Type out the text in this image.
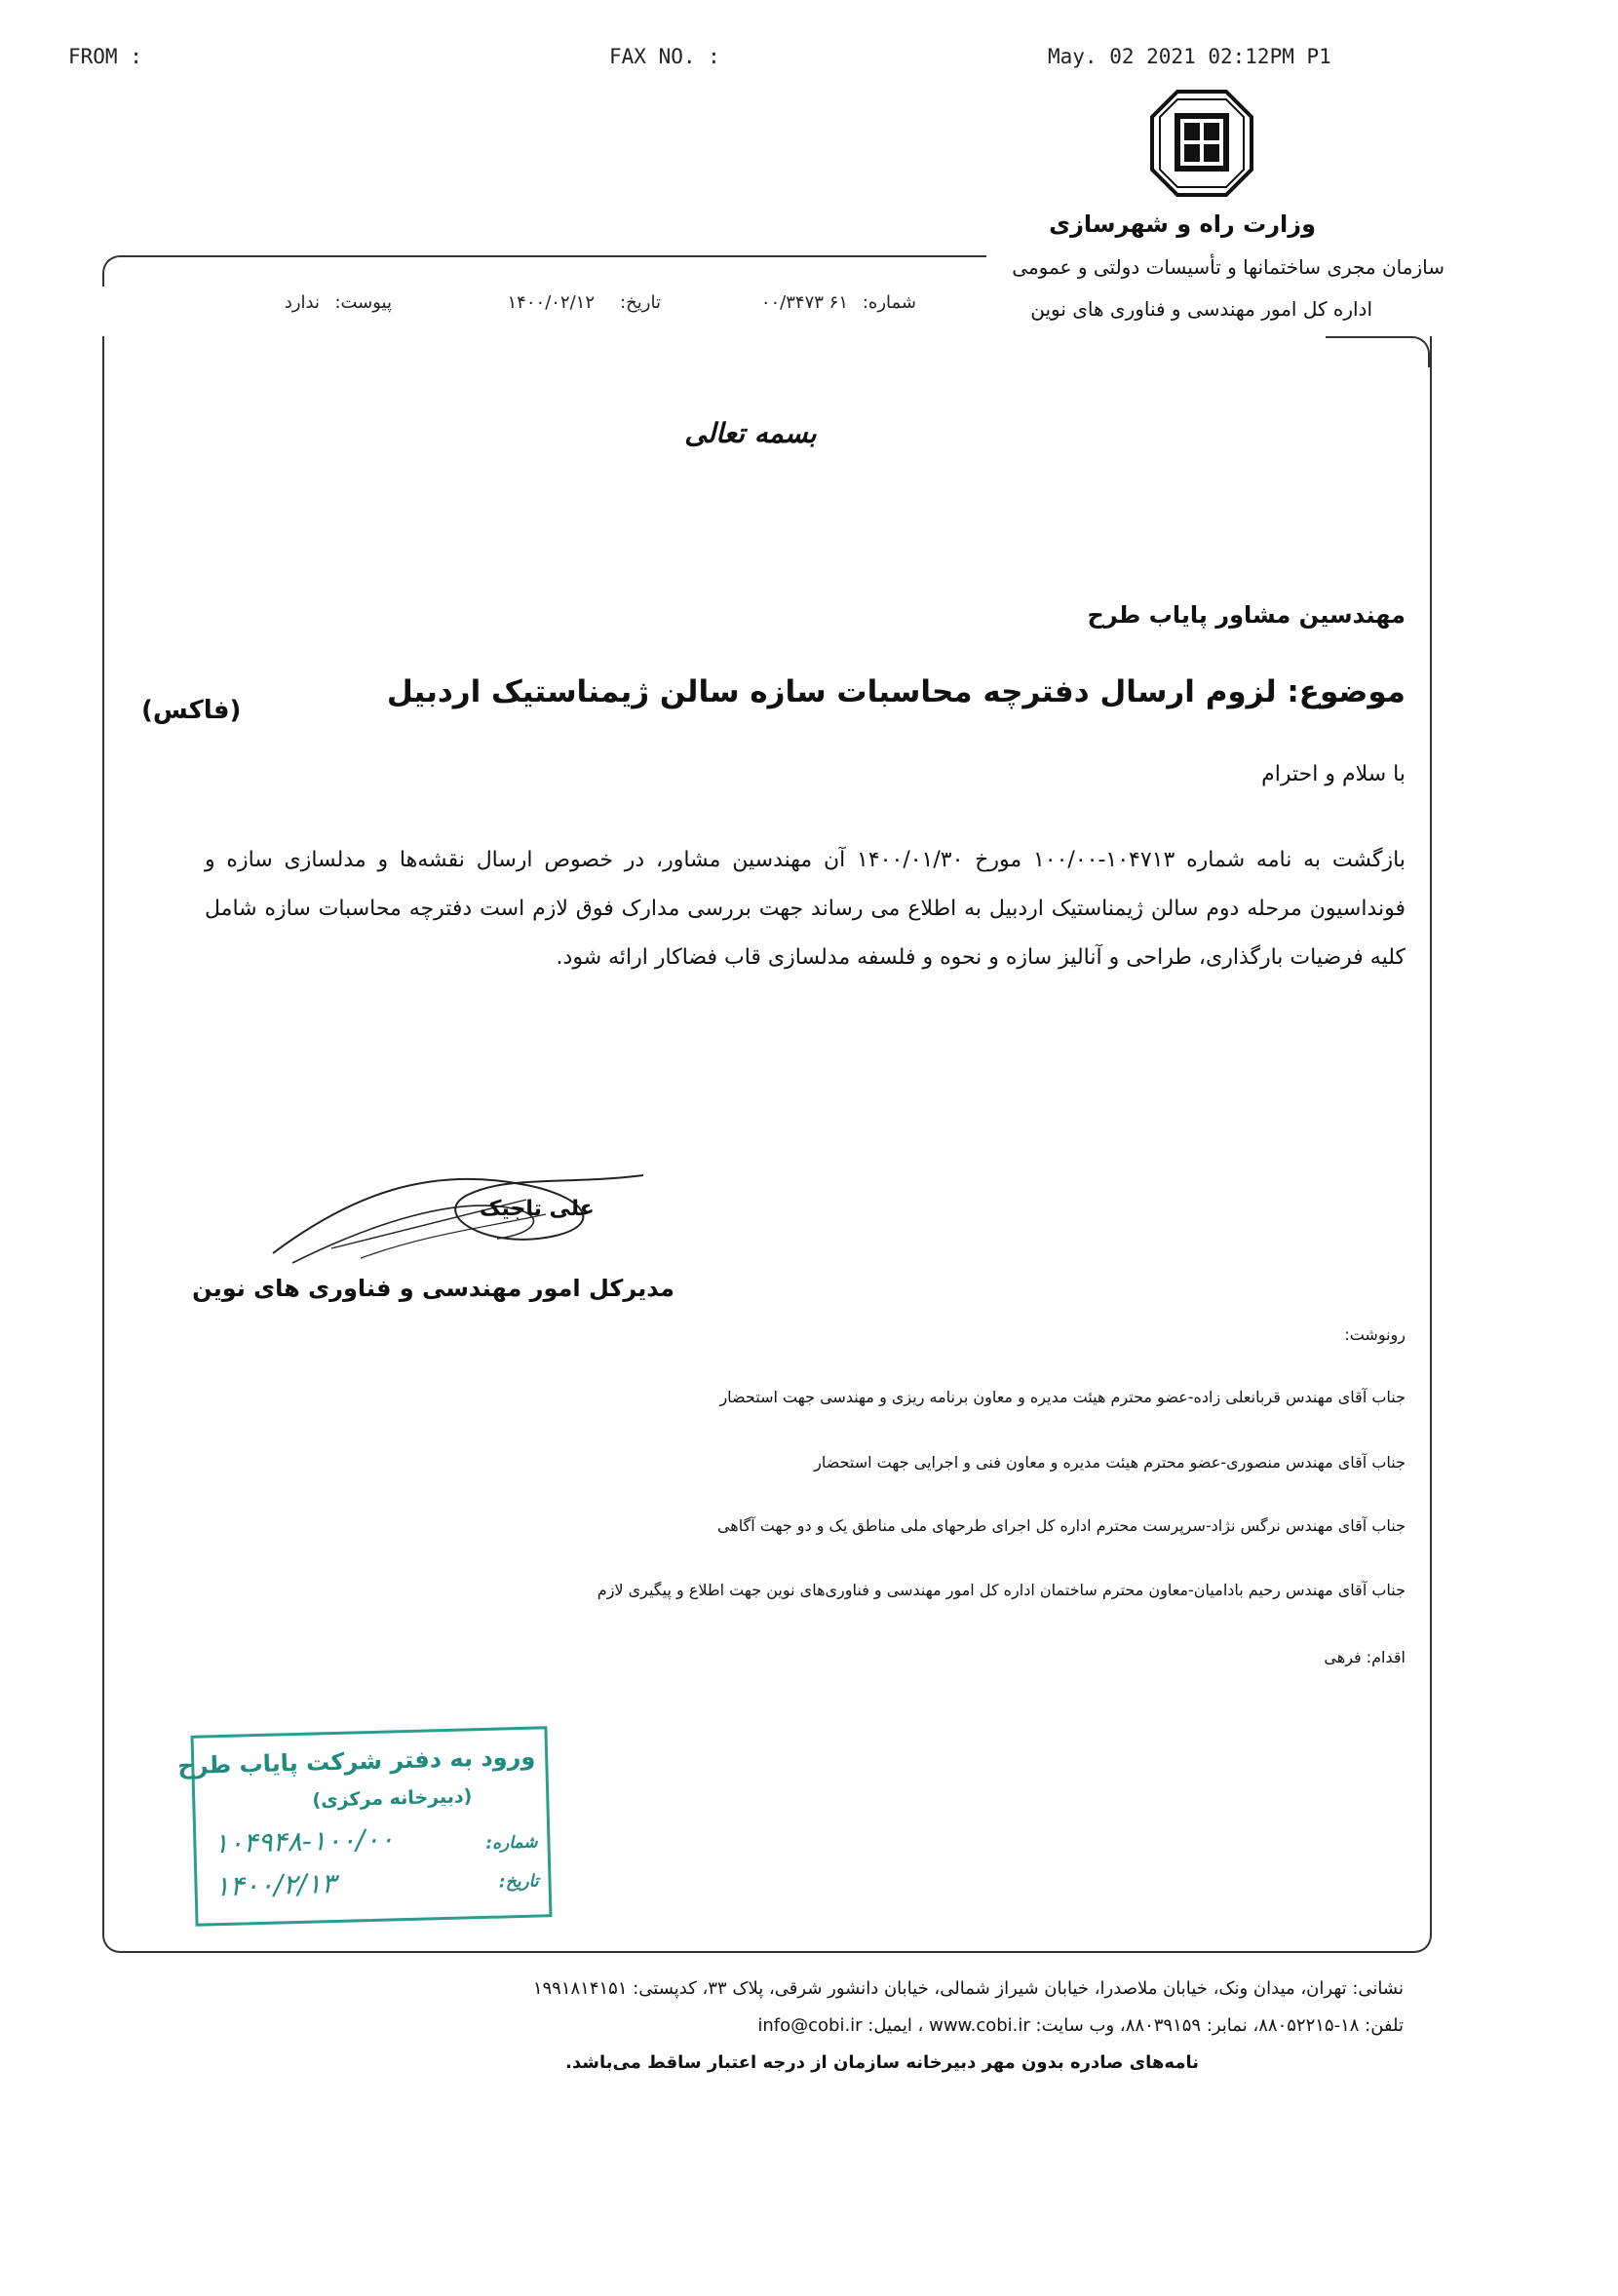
FROM :	FAX NO. :	May. 02 2021 02:12PM P1
وزارت راه و شهرسازی
سازمان مجری ساختمانها و تأسیسات دولتی و عمومی
اداره کل امور مهندسی و فناوری های نوین
شماره:
۶۱ ۰۰/۳۴۷۳
تاریخ:
۱۴۰۰/۰۲/۱۲
پیوست:
ندارد
بسمه تعالی
مهندسین مشاور پایاب طرح
موضوع: لزوم ارسال دفترچه محاسبات سازه سالن ژیمناستیک اردبیل
(فاکس)
با سلام و احترام
بازگشت به نامه شماره ۱۰۴۷۱۳-۱۰۰/۰۰ مورخ ۱۴۰۰/۰۱/۳۰ آن مهندسین مشاور، در خصوص ارسال نقشه‌ها و مدلسازی سازه و فونداسیون مرحله دوم سالن ژیمناستیک اردبیل به اطلاع می رساند جهت بررسی مدارک فوق لازم است دفترچه محاسبات سازه شامل کلیه فرضیات بارگذاری، طراحی و آنالیز سازه و نحوه و فلسفه مدلسازی قاب فضاکار ارائه شود.
علی تاجیک
مدیرکل امور مهندسی و فناوری های نوین
رونوشت:
جناب آقای مهندس قربانعلی زاده-عضو محترم هیئت مدیره و معاون برنامه ریزی و مهندسی جهت استحضار
جناب آقای مهندس منصوری-عضو محترم هیئت مدیره و معاون فنی و اجرایی جهت استحضار
جناب آقای مهندس نرگس نژاد-سرپرست محترم اداره کل اجرای طرحهای ملی مناطق یک و دو جهت آگاهی
جناب آقای مهندس رحیم بادامیان-معاون محترم ساختمان اداره کل امور مهندسی و فناوری‌های نوین جهت اطلاع و پیگیری لازم
اقدام: فرهی
ورود به دفتر شرکت پایاب طرح
(دبیرخانه مرکزی)
شماره:
۱۰۴۹۴۸-۱۰۰/۰۰
تاریخ:
۱۴۰۰/۲/۱۳
نشانی: تهران، میدان ونک، خیابان ملاصدرا، خیابان شیراز شمالی، خیابان دانشور شرقی، پلاک ۳۳، کدپستی: ۱۹۹۱۸۱۴۱۵۱
تلفن: ۱۸-۸۸۰۵۲۲۱۵، نمابر: ۸۸۰۳۹۱۵۹، وب سایت: www.cobi.ir ، ایمیل: info@cobi.ir
نامه‌های صادره بدون مهر دبیرخانه سازمان از درجه اعتبار ساقط می‌باشد.
